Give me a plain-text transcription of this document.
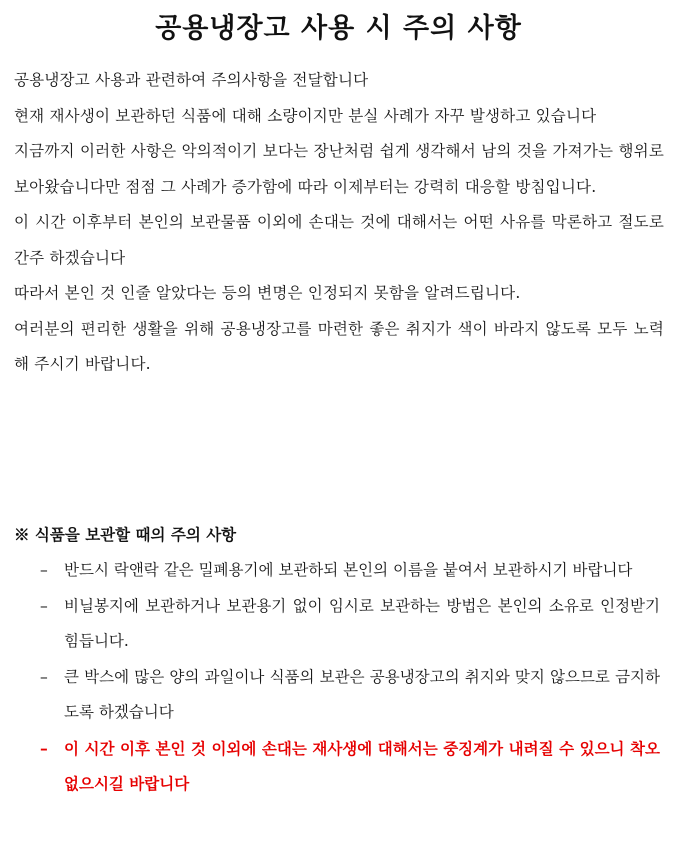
공용냉장고 사용 시 주의 사항
공용냉장고 사용과 관련하여 주의사항을 전달합니다
현재 재사생이 보관하던 식품에 대해 소량이지만 분실 사례가 자꾸 발생하고 있습니다
지금까지 이러한 사항은 악의적이기 보다는 장난처럼 쉽게 생각해서 남의 것을 가져가는 행위로 보아왔습니다만 점점 그 사례가 증가함에 따라 이제부터는 강력히 대응할 방침입니다.
이 시간 이후부터 본인의 보관물품 이외에 손대는 것에 대해서는 어떤 사유를 막론하고 절도로 간주 하겠습니다
따라서 본인 것 인줄 알았다는 등의 변명은 인정되지 못함을 알려드립니다.
여러분의 편리한 생활을 위해 공용냉장고를 마련한 좋은 취지가 색이 바라지 않도록 모두 노력해 주시기 바랍니다.
※ 식품을 보관할 때의 주의 사항
–	반드시 락앤락 같은 밀폐용기에 보관하되 본인의 이름을 붙여서 보관하시기 바랍니다
–	비닐봉지에 보관하거나 보관용기 없이 임시로 보관하는 방법은 본인의 소유로 인정받기 힘듭니다.
–	큰 박스에 많은 양의 과일이나 식품의 보관은 공용냉장고의 취지와 맞지 않으므로 금지하도록 하겠습니다
–	이 시간 이후 본인 것 이외에 손대는 재사생에 대해서는 중징계가 내려질 수 있으니 착오 없으시길 바랍니다
